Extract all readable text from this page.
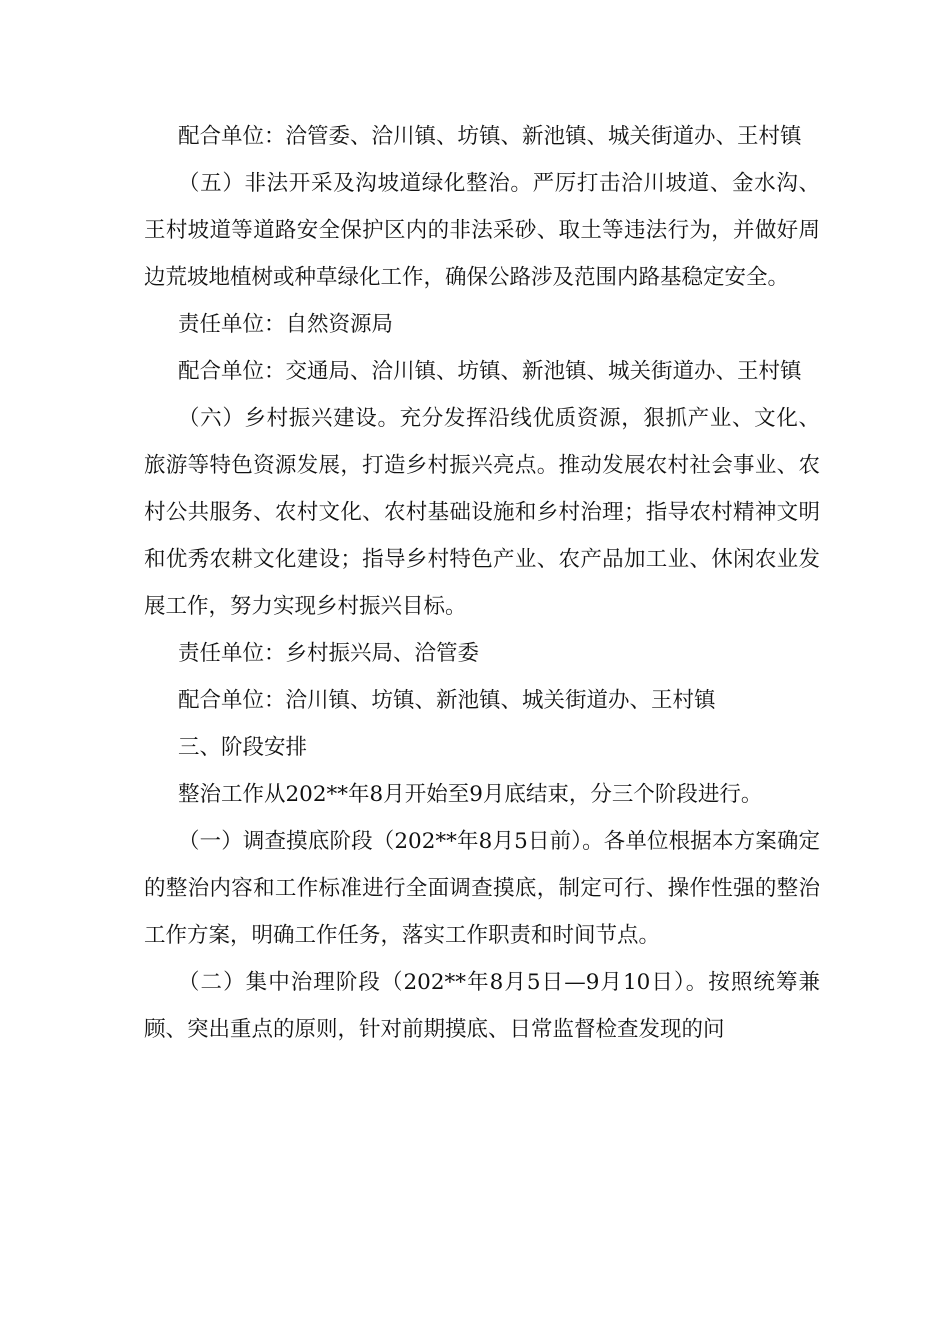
配合单位：洽管委、洽川镇、坊镇、新池镇、城关街道办、王村镇

（五）非法开采及沟坡道绿化整治。严厉打击洽川坡道、金水沟、王村坡道等道路安全保护区内的非法采砂、取土等违法行为，并做好周边荒坡地植树或种草绿化工作，确保公路涉及范围内路基稳定安全。

责任单位：自然资源局

配合单位：交通局、洽川镇、坊镇、新池镇、城关街道办、王村镇

（六）乡村振兴建设。充分发挥沿线优质资源，狠抓产业、文化、旅游等特色资源发展，打造乡村振兴亮点。推动发展农村社会事业、农村公共服务、农村文化、农村基础设施和乡村治理；指导农村精神文明和优秀农耕文化建设；指导乡村特色产业、农产品加工业、休闲农业发展工作，努力实现乡村振兴目标。

责任单位：乡村振兴局、洽管委

配合单位：洽川镇、坊镇、新池镇、城关街道办、王村镇

三、阶段安排

整治工作从202**年8月开始至9月底结束，分三个阶段进行。

（一）调查摸底阶段（202**年8月5日前）。各单位根据本方案确定的整治内容和工作标准进行全面调查摸底，制定可行、操作性强的整治工作方案，明确工作任务，落实工作职责和时间节点。

（二）集中治理阶段（202**年8月5日—9月10日）。按照统筹兼顾、突出重点的原则，针对前期摸底、日常监督检查发现的问
